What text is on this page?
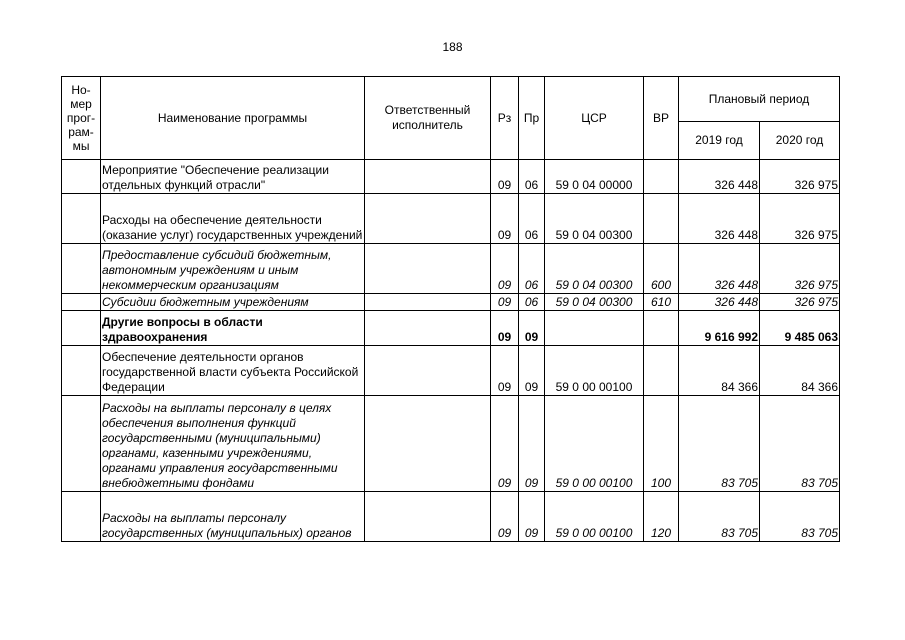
188
Но-
мер
прог-
рам-
мы	Наименование программы	Ответственный исполнитель	Рз	Пр	ЦСР	ВР	Плановый период	
							2019 год	2020 год
	Мероприятие "Обеспечение реализации отдельных функций отрасли"		09	06	59 0 04 00000		326 448	326 975
	Расходы на обеспечение деятельности (оказание услуг) государственных учреждений		09	06	59 0 04 00300		326 448	326 975
	Предоставление субсидий бюджетным, автономным учреждениям и иным некоммерческим организациям		09	06	59 0 04 00300	600	326 448	326 975
	Субсидии бюджетным учреждениям		09	06	59 0 04 00300	610	326 448	326 975
	Другие вопросы в области здравоохранения		09	09			9 616 992	9 485 063
	Обеспечение деятельности органов государственной власти субъекта Российской Федерации		09	09	59 0 00 00100		84 366	84 366
	Расходы на выплаты персоналу в целях обеспечения выполнения функций государственными (муниципальными) органами, казенными учреждениями, органами управления государственными внебюджетными фондами		09	09	59 0 00 00100	100	83 705	83 705
	Расходы на выплаты персоналу государственных (муниципальных) органов		09	09	59 0 00 00100	120	83 705	83 705
